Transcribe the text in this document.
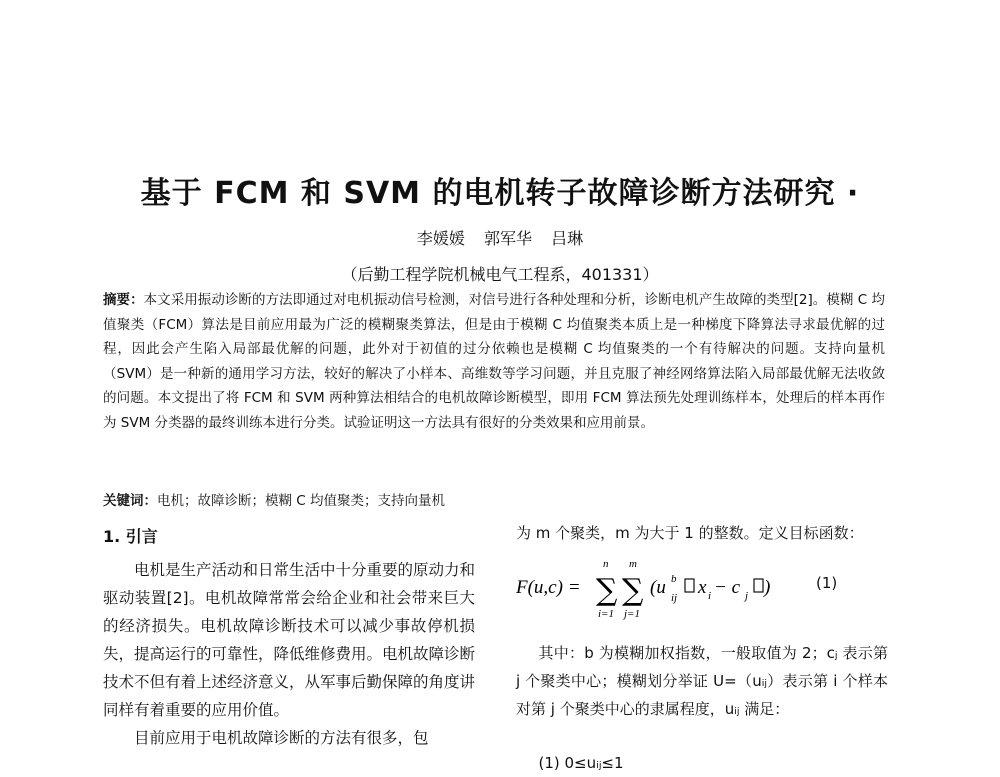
基于 FCM 和 SVM 的电机转子故障诊断方法研究 ·
李媛媛 郭军华 吕琳
（后勤工程学院机械电气工程系，401331）

摘要：本文采用振动诊断的方法即通过对电机振动信号检测，对信号进行各种处理和分析，诊断电机产生故障的类型[2]。模糊 C 均值聚类（FCM）算法是目前应用最为广泛的模糊聚类算法，但是由于模糊 C 均值聚类本质上是一种梯度下降算法寻求最优解的过程，因此会产生陷入局部最优解的问题，此外对于初值的过分依赖也是模糊 C 均值聚类的一个有待解决的问题。支持向量机（SVM）是一种新的通用学习方法，较好的解决了小样本、高维数等学习问题，并且克服了神经网络算法陷入局部最优解无法收敛的问题。本文提出了将 FCM 和 SVM 两种算法相结合的电机故障诊断模型，即用 FCM 算法预先处理训练样本，处理后的样本再作为 SVM 分类器的最终训练本进行分类。试验证明这一方法具有很好的分类效果和应用前景。

关键词：电机；故障诊断；模糊 C 均值聚类；支持向量机

1. 引言

电机是生产活动和日常生活中十分重要的原动力和驱动装置[2]。电机故障常常会给企业和社会带来巨大的经济损失。电机故障诊断技术可以减少事故停机损失，提高运行的可靠性，降低维修费用。电机故障诊断技术不但有着上述经济意义，从军事后勤保障的角度讲同样有着重要的应用价值。

目前应用于电机故障诊断的方法有很多，包

为 m 个聚类，m 为大于 1 的整数。定义目标函数：

F(u,c) = ∑
n
i=1
∑
m
j=1
(u b
ij x i − c j )	(1)

其中：b 为模糊加权指数，一般取值为 2；cⱼ 表示第 j 个聚类中心；模糊划分举证 U=（uᵢⱼ）表示第 i 个样本对第 j 个聚类中心的隶属程度，uᵢⱼ 满足：

(1) 0≤uᵢⱼ≤1
